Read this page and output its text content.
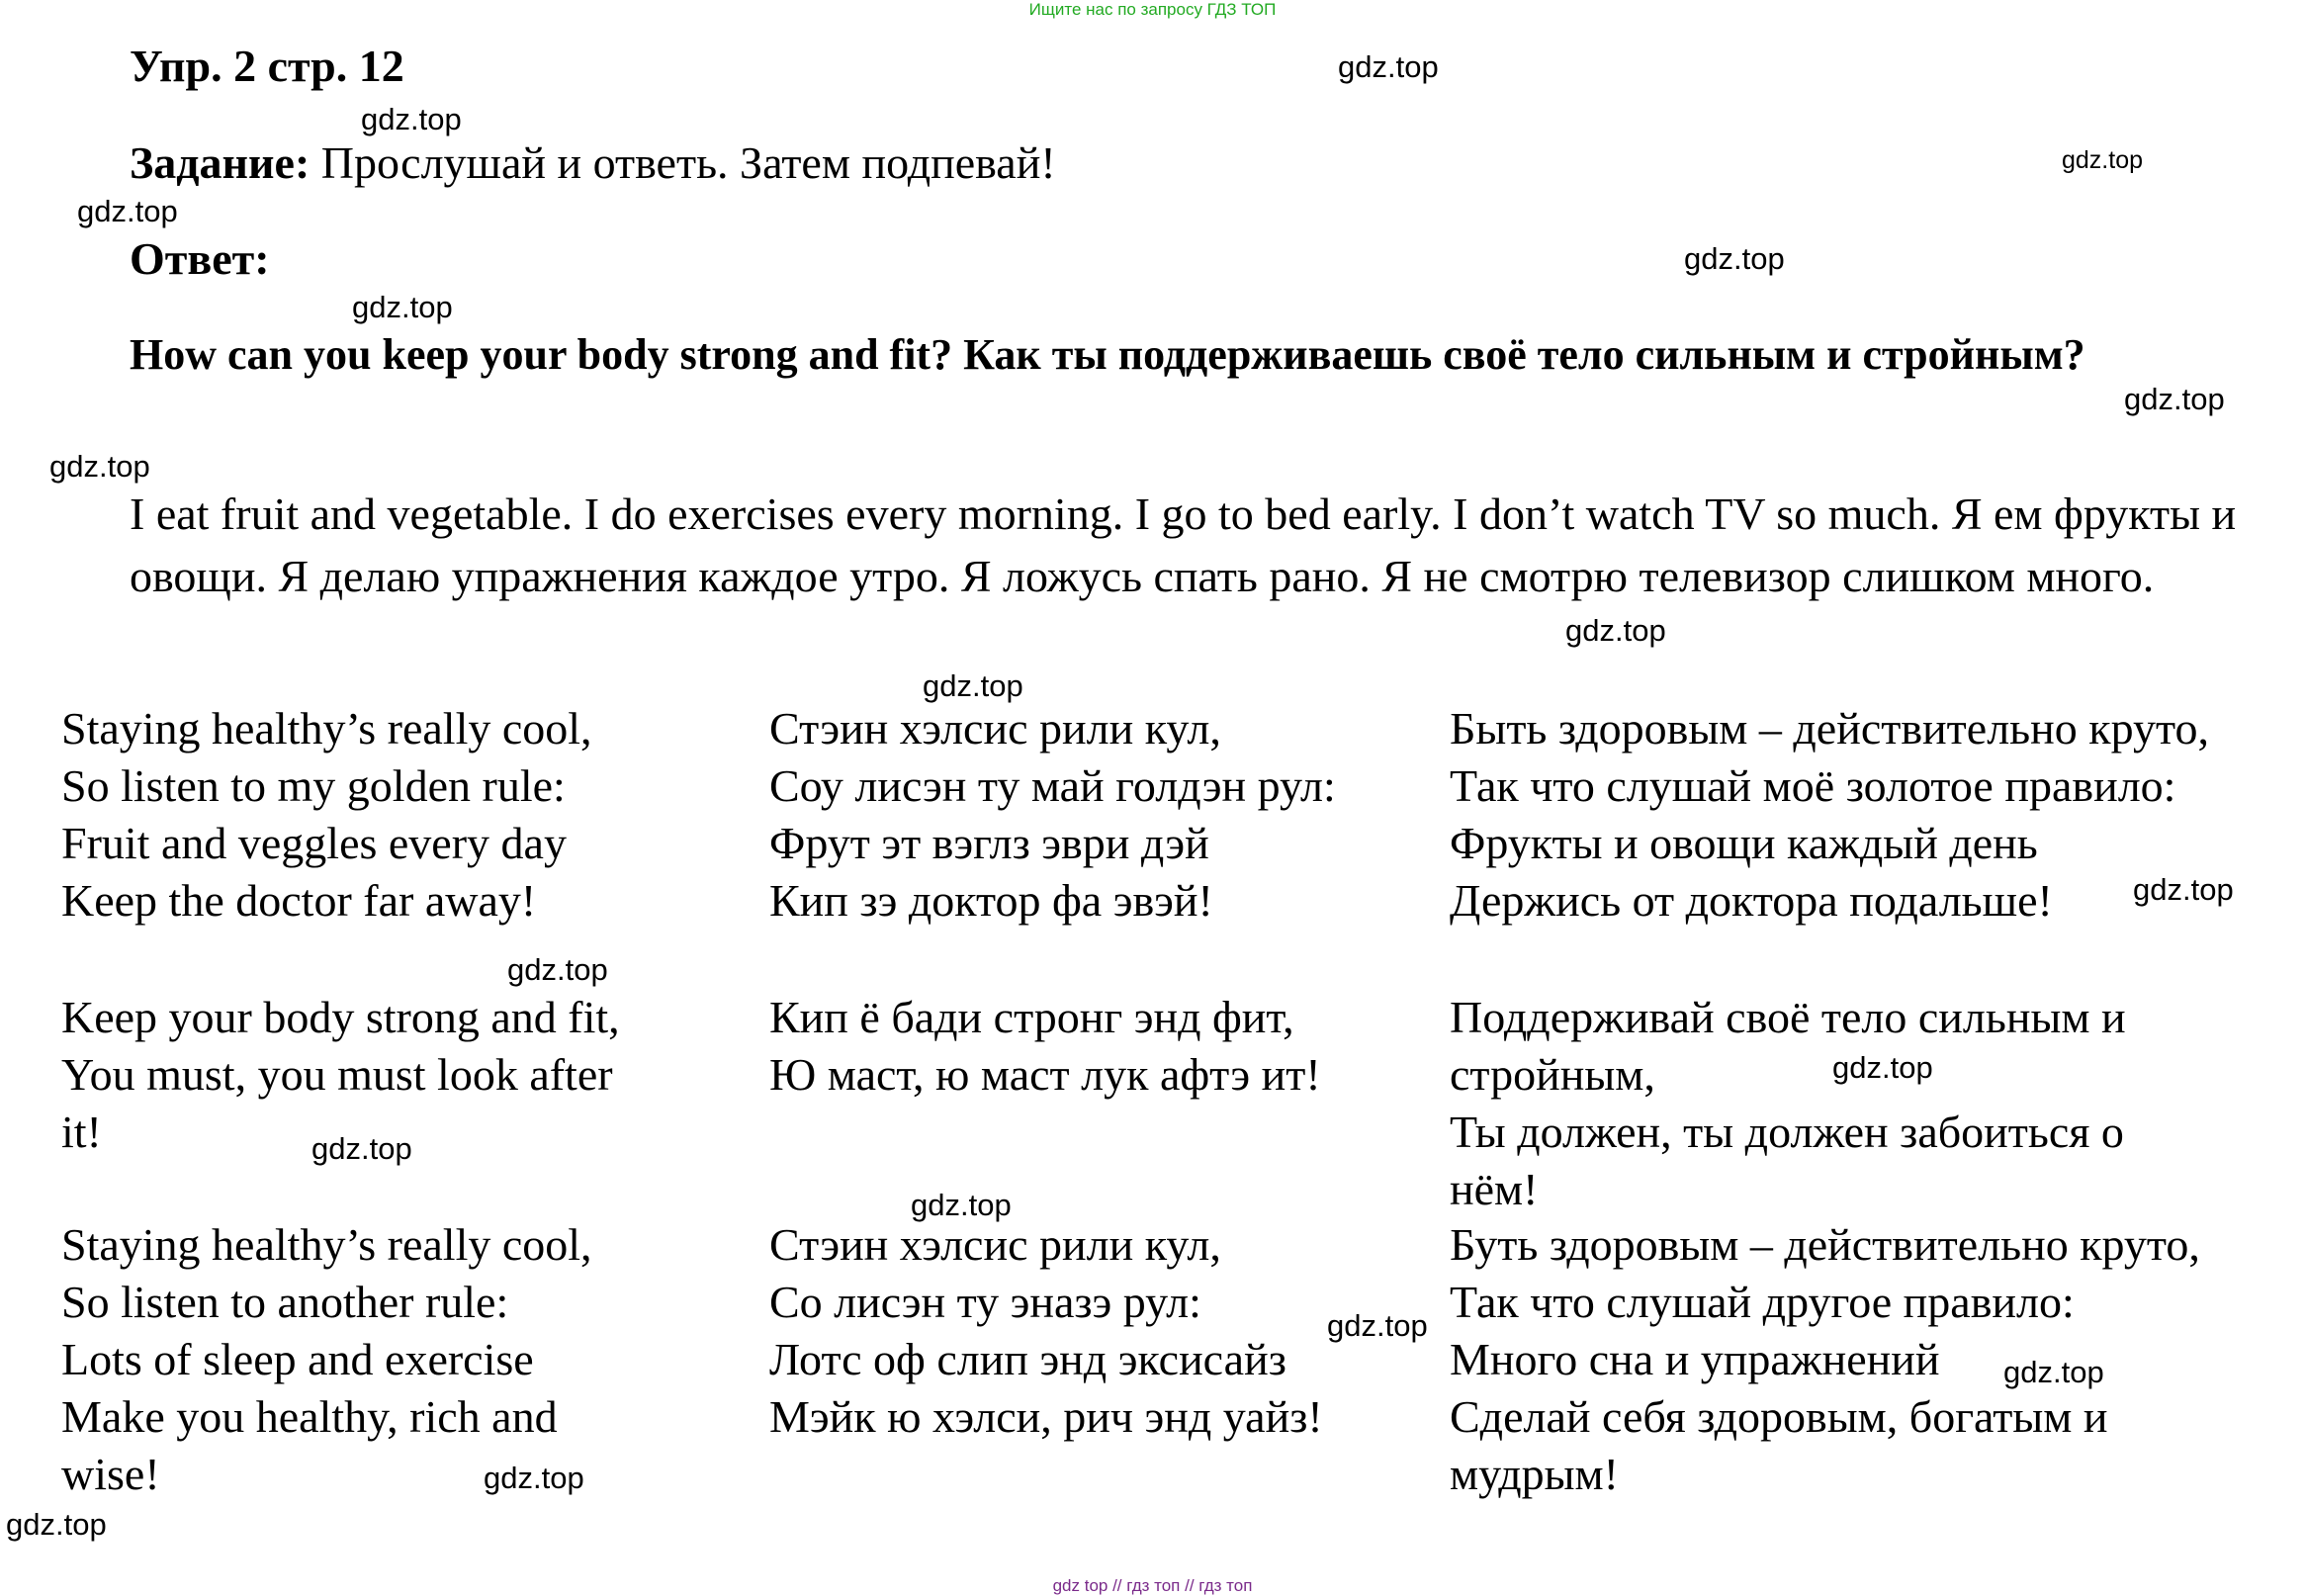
Ищите нас по запросу ГДЗ ТОП
Упр. 2 стр. 12
Задание: Прослушай и ответь. Затем подпевай!
Ответ:
How can you keep your body strong and fit? Как ты поддерживаешь своё тело сильным и стройным?
I eat fruit and vegetable. I do exercises every morning. I go to bed early. I don’t watch TV so much. Я ем фрукты и овощи. Я делаю упражнения каждое утро. Я ложусь спать рано. Я не смотрю телевизор слишком много.
Staying healthy’s really cool,
So listen to my golden rule:
Fruit and veggles every day
Keep the doctor far away!
Keep your body strong and fit,
You must, you must look after
it!
Staying healthy’s really cool,
So listen to another rule:
Lots of sleep and exercise
Make you healthy, rich and
wise!
Стэин хэлсис рили кул,
Соу лисэн ту май голдэн рул:
Фрут эт вэглз эври дэй
Кип зэ доктор фа эвэй!
Кип ё бади стронг энд фит,
Ю маст, ю маст лук афтэ ит!
Стэин хэлсис рили кул,
Со лисэн ту эназэ рул:
Лотс оф слип энд эксисайз
Мэйк ю хэлси, рич энд уайз!
Быть здоровым – действительно круто,
Так что слушай моё золотое правило:
Фрукты и овощи каждый день
Держись от доктора подальше!
Поддерживай своё тело сильным и
стройным,
Ты должен, ты должен забоиться о
нём!
Буть здоровым – действительно круто,
Так что слушай другое правило:
Много сна и упражнений
Сделай себя здоровым, богатым и
мудрым!
gdz.top
gdz.top
gdz.top
gdz.top
gdz.top
gdz.top
gdz.top
gdz.top
gdz.top
gdz.top
gdz.top
gdz.top
gdz.top
gdz.top
gdz.top
gdz.top
gdz.top
gdz.top
gdz.top
gdz top // гдз топ // гдз топ
